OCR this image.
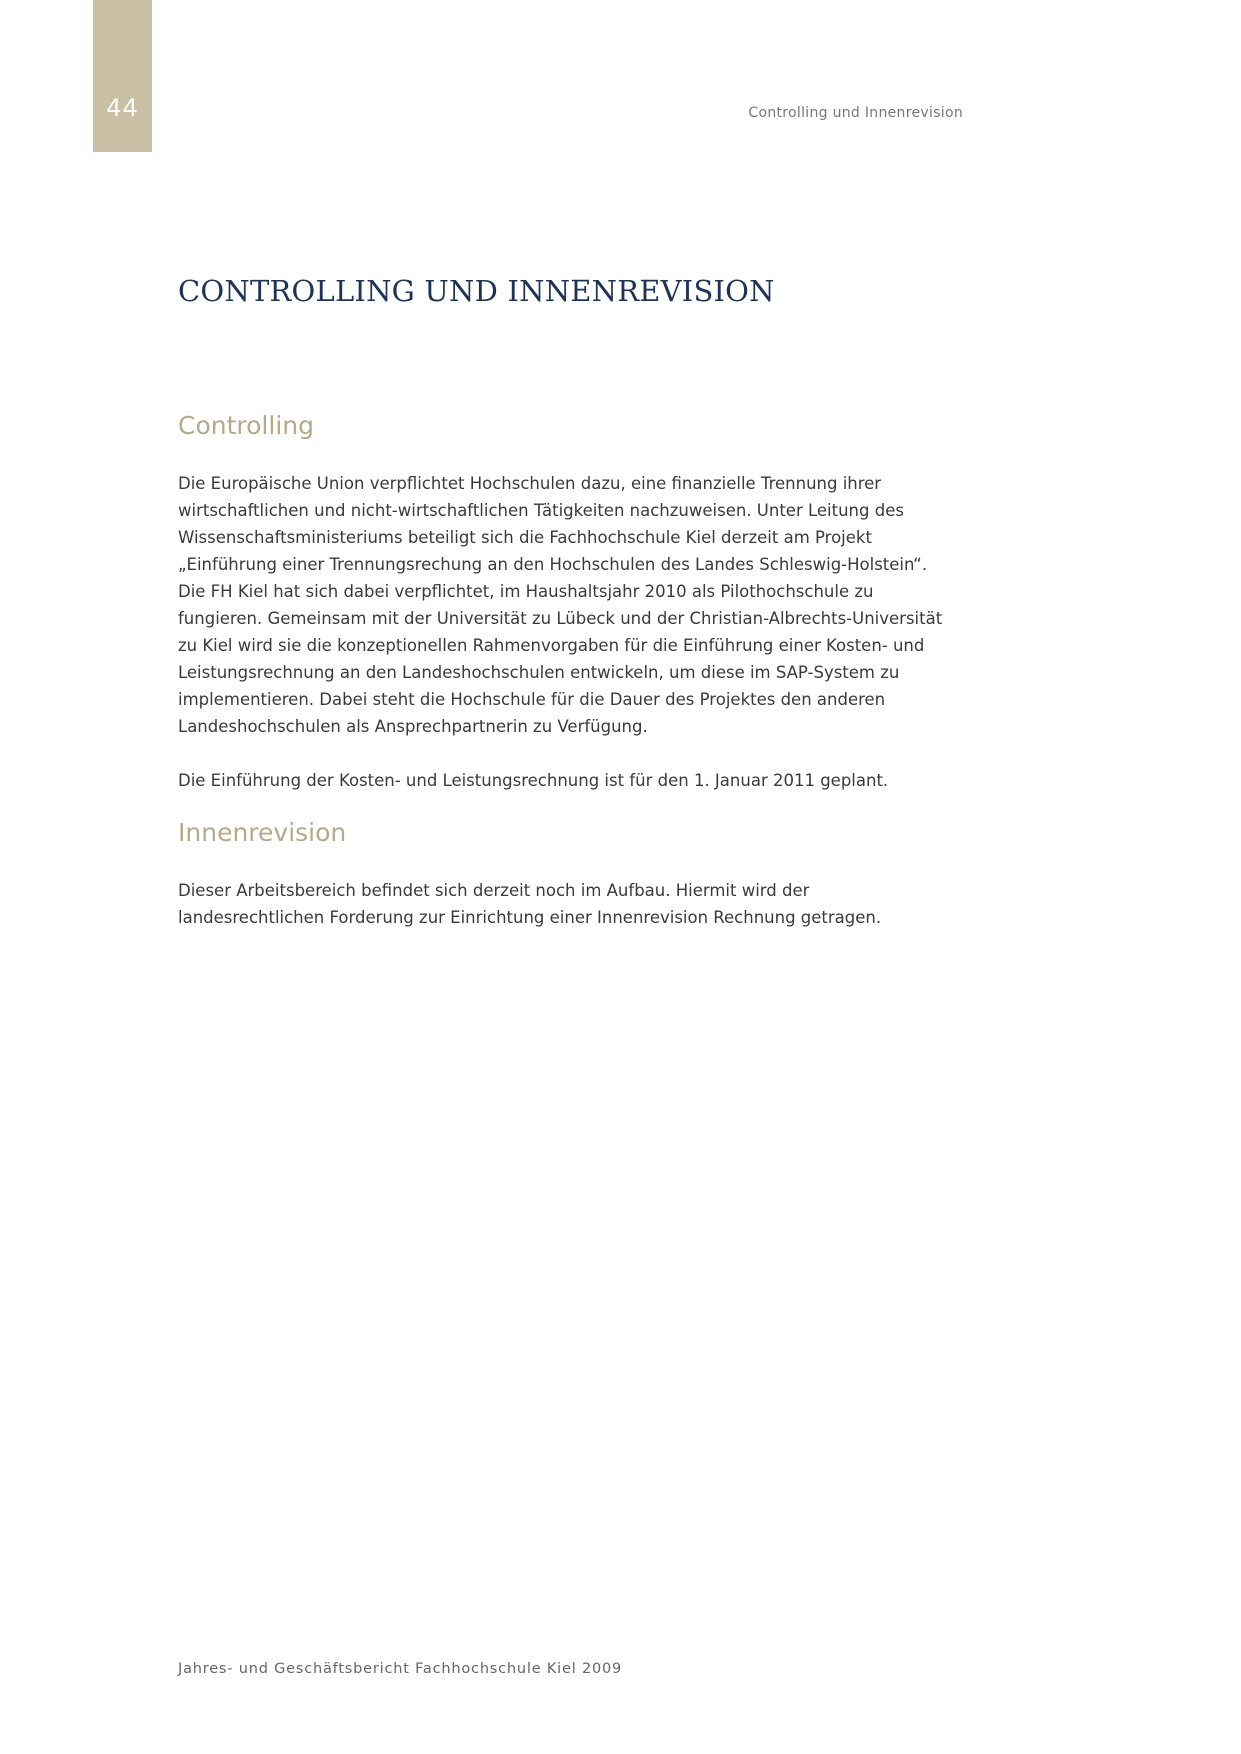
44	Controlling und Innenrevision
CONTROLLING UND INNENREVISION
Controlling

Die Europäische Union verpflichtet Hochschulen dazu, eine finanzielle Trennung ihrer wirtschaftlichen und nicht-wirtschaftlichen Tätigkeiten nachzuweisen. Unter Leitung des Wissenschaftsministeriums beteiligt sich die Fachhochschule Kiel derzeit am Projekt „Einführung einer Trennungsrechung an den Hochschulen des Landes Schleswig-Holstein“. Die FH Kiel hat sich dabei verpflichtet, im Haushaltsjahr 2010 als Pilothochschule zu fungieren. Gemeinsam mit der Universität zu Lübeck und der Christian-Albrechts-Universität zu Kiel wird sie die konzeptionellen Rahmenvorgaben für die Einführung einer Kosten- und Leistungsrechnung an den Landeshochschulen entwickeln, um diese im SAP-System zu implementieren. Dabei steht die Hochschule für die Dauer des Projektes den anderen Landeshochschulen als Ansprechpartnerin zu Verfügung.

Die Einführung der Kosten- und Leistungsrechnung ist für den 1. Januar 2011 geplant.

Innenrevision

Dieser Arbeitsbereich befindet sich derzeit noch im Aufbau. Hiermit wird der landesrechtlichen Forderung zur Einrichtung einer Innenrevision Rechnung getragen.

Jahres- und Geschäftsbericht Fachhochschule Kiel 2009
